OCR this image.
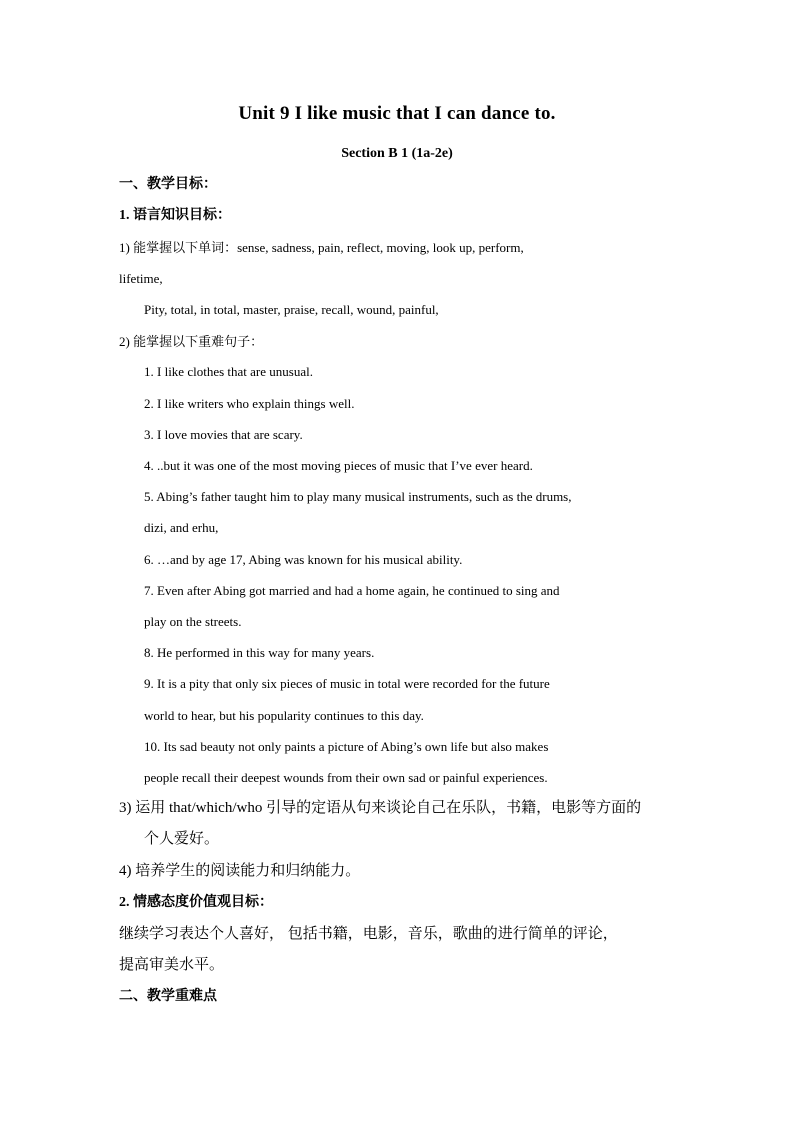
Unit 9 I like music that I can dance to.
Section B 1 (1a-2e)
一、教学目标：
1. 语言知识目标：
1) 能掌握以下单词：sense, sadness, pain, reflect, moving, look up, perform,
lifetime,
Pity, total, in total, master, praise, recall, wound, painful,
2) 能掌握以下重难句子：
1. I like clothes that are unusual.
2. I like writers who explain things well.
3. I love movies that are scary.
4. ..but it was one of the most moving pieces of music that I’ve ever heard.
5. Abing’s father taught him to play many musical instruments, such as the drums,
dizi, and erhu,
6. …and by age 17, Abing was known for his musical ability.
7. Even after Abing got married and had a home again, he continued to sing and
play on the streets.
8. He performed in this way for many years.
9. It is a pity that only six pieces of music in total were recorded for the future
world to hear, but his popularity continues to this day.
10. Its sad beauty not only paints a picture of Abing’s own life but also makes
people recall their deepest wounds from their own sad or painful experiences.
3) 运用 that/which/who 引导的定语从句来谈论自己在乐队，书籍，电影等方面的
个人爱好。
4) 培养学生的阅读能力和归纳能力。
2. 情感态度价值观目标：
继续学习表达个人喜好， 包括书籍，电影，音乐，歌曲的进行简单的评论，
提高审美水平。
二、教学重难点
